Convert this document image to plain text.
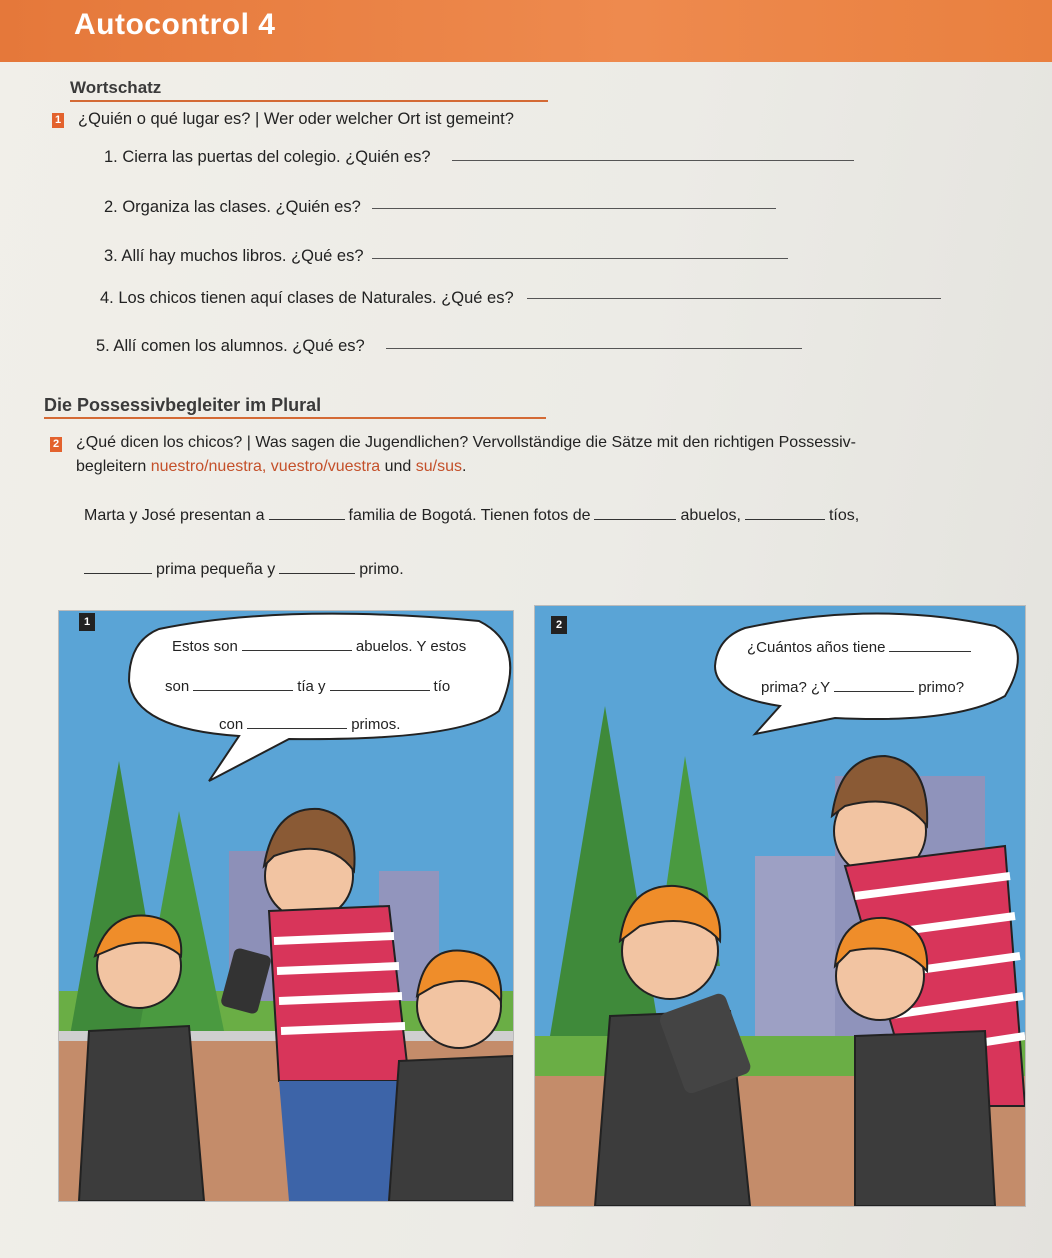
Autocontrol 4
Wortschatz
1 ¿Quién o qué lugar es? | Wer oder welcher Ort ist gemeint?
1. Cierra las puertas del colegio. ¿Quién es?
2. Organiza las clases. ¿Quién es?
3. Allí hay muchos libros. ¿Qué es?
4. Los chicos tienen aquí clases de Naturales. ¿Qué es?
5. Allí comen los alumnos. ¿Qué es?
Die Possessivbegleiter im Plural
2 ¿Qué dicen los chicos? | Was sagen die Jugendlichen? Vervollständige die Sätze mit den richtigen Possessiv-
begleitern nuestro/nuestra, vuestro/vuestra und su/sus.
Marta y José presentan a	familia de Bogotá. Tienen fotos de	abuelos,	tíos,
prima pequeña y	primo.
1
Estos son	abuelos. Y estos
son	tía y	tío
con	primos.
2
¿Cuántos años tiene
prima? ¿Y	primo?
